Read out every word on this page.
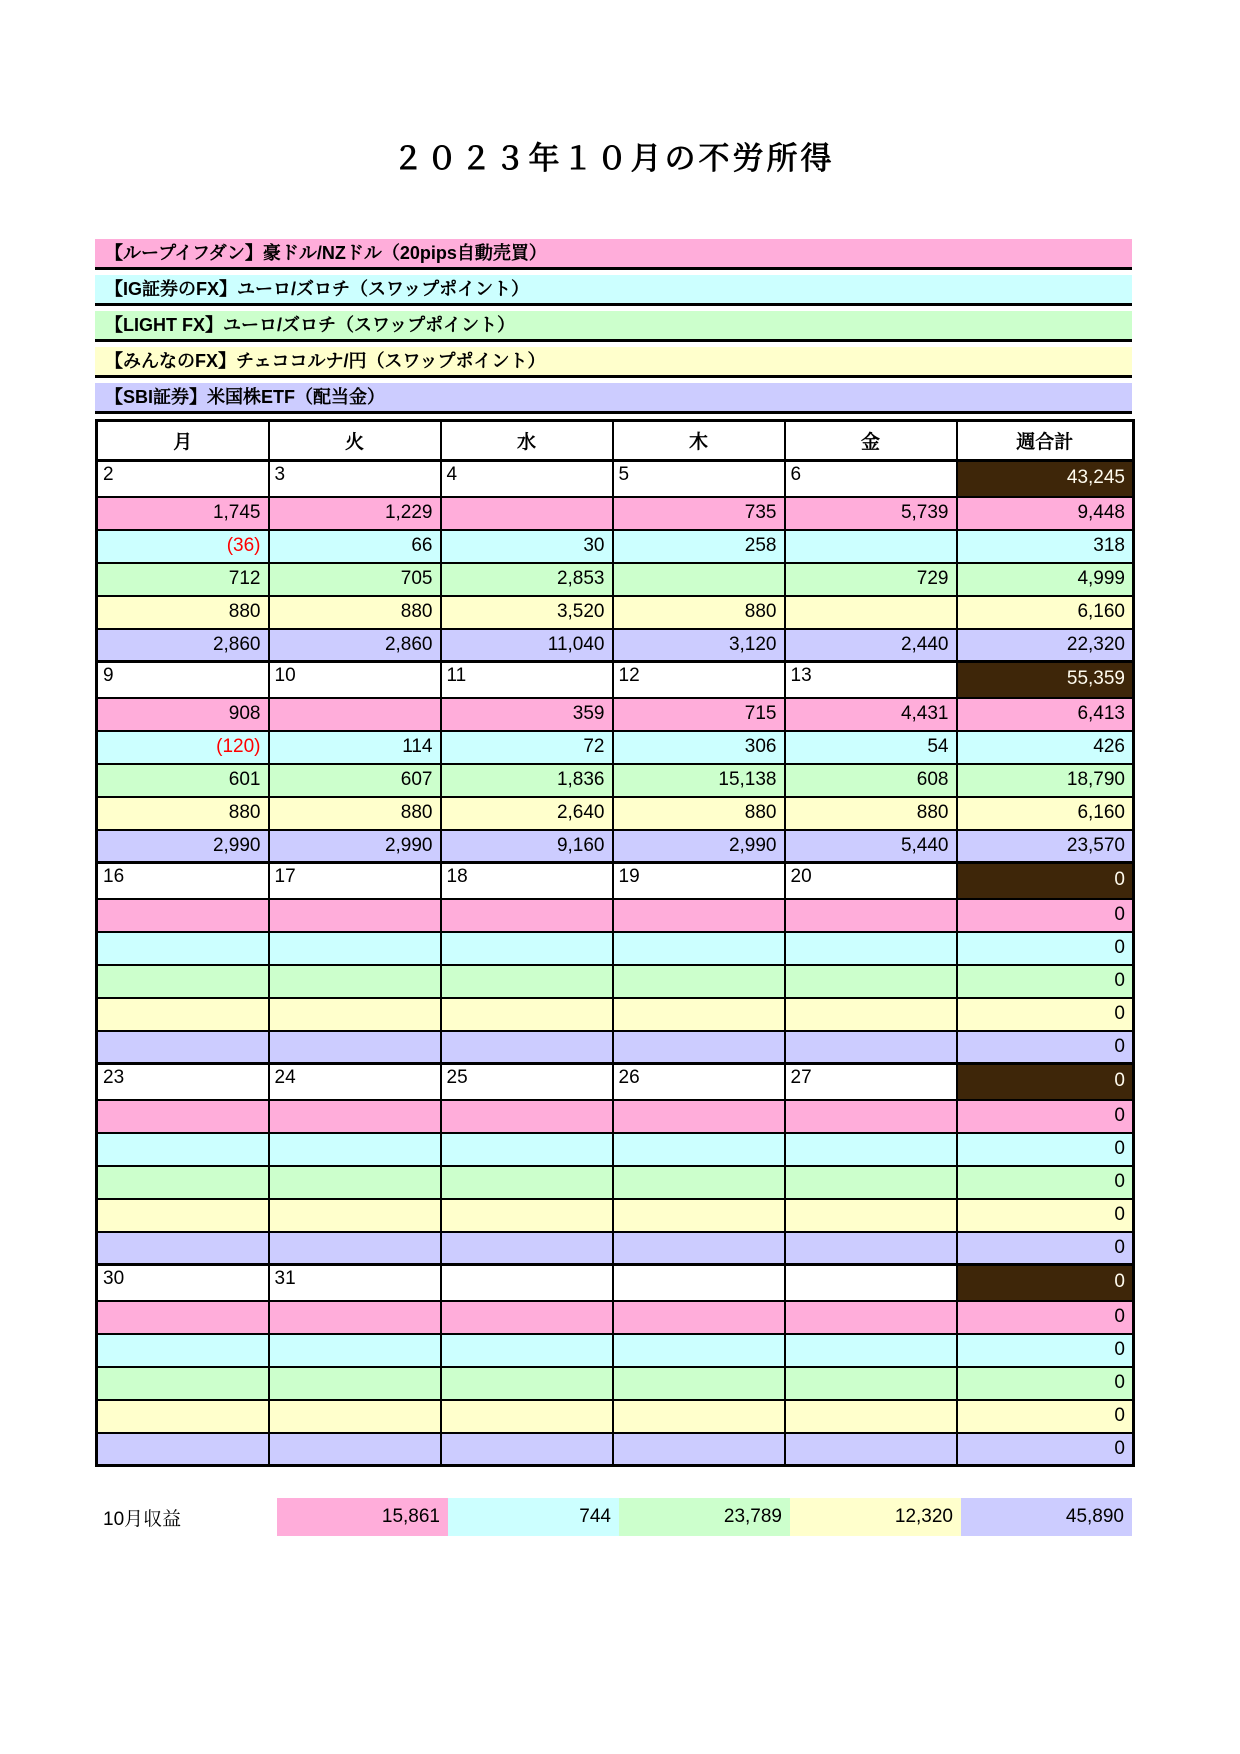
２０２３年１０月の不労所得
【ループイフダン】豪ドル/NZドル（20pips自動売買）
【IG証券のFX】ユーロ/ズロチ（スワップポイント）
【LIGHT FX】ユーロ/ズロチ（スワップポイント）
【みんなのFX】チェココルナ/円（スワップポイント）
【SBI証券】米国株ETF（配当金）
月	火	水	木	金	週合計
2	3	4	5	6	43,245
1,745	1,229		735	5,739	9,448
(36)	66	30	258		318
712	705	2,853		729	4,999
880	880	3,520	880		6,160
2,860	2,860	11,040	3,120	2,440	22,320
9	10	11	12	13	55,359
908		359	715	4,431	6,413
(120)	114	72	306	54	426
601	607	1,836	15,138	608	18,790
880	880	2,640	880	880	6,160
2,990	2,990	9,160	2,990	5,440	23,570
16	17	18	19	20	0
					0
					0
					0
					0
					0
23	24	25	26	27	0
					0
					0
					0
					0
					0
30	31				0
					0
					0
					0
					0
					0
10月収益	15,861	744	23,789	12,320	45,890
